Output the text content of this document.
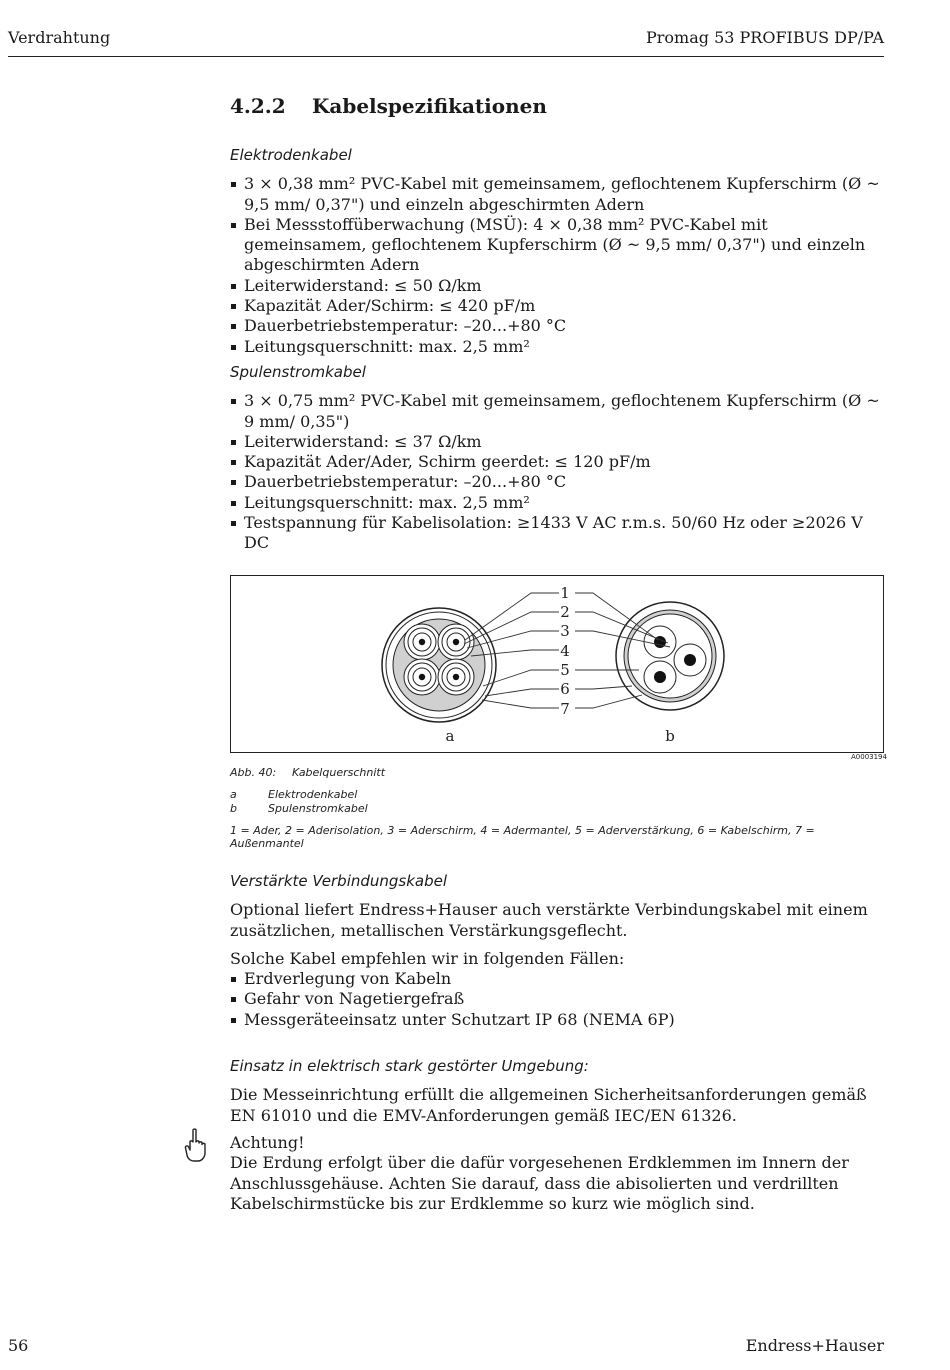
Verdrahtung	Promag 53 PROFIBUS DP/PA
4.2.2 Kabelspezifikationen
Elektrodenkabel
3 × 0,38 mm² PVC-Kabel mit gemeinsamem, geflochtenem Kupferschirm (Ø ~ 9,5 mm/ 0,37") und einzeln abgeschirmten Adern
Bei Messstoffüberwachung (MSÜ): 4 × 0,38 mm² PVC-Kabel mit gemeinsamem, geflochtenem Kupferschirm (Ø ~ 9,5 mm/ 0,37") und einzeln abgeschirmten Adern
Leiterwiderstand: ≤ 50 Ω/km
Kapazität Ader/Schirm: ≤ 420 pF/m
Dauerbetriebstemperatur: –20...+80 °C
Leitungsquerschnitt: max. 2,5 mm²
Spulenstromkabel
3 × 0,75 mm² PVC-Kabel mit gemeinsamem, geflochtenem Kupferschirm (Ø ~ 9 mm/ 0,35")
Leiterwiderstand: ≤ 37 Ω/km
Kapazität Ader/Ader, Schirm geerdet: ≤ 120 pF/m
Dauerbetriebstemperatur: –20...+80 °C
Leitungsquerschnitt: max. 2,5 mm²
Testspannung für Kabelisolation: ≥1433 V AC r.m.s. 50/60 Hz oder ≥2026 V DC
1
2
3
4
5
6
7
a	b
A0003194
Abb. 40: Kabelquerschnitt
a	Elektrodenkabel
b	Spulenstromkabel
1 = Ader, 2 = Aderisolation, 3 = Aderschirm, 4 = Adermantel, 5 = Aderverstärkung, 6 = Kabelschirm, 7 = Außenmantel
Verstärkte Verbindungskabel

Optional liefert Endress+Hauser auch verstärkte Verbindungskabel mit einem zusätzlichen, metallischen Verstärkungsgeflecht.

Solche Kabel empfehlen wir in folgenden Fällen:

Erdverlegung von Kabeln
Gefahr von Nagetiergefraß
Messgeräteeinsatz unter Schutzart IP 68 (NEMA 6P)
Einsatz in elektrisch stark gestörter Umgebung:

Die Messeinrichtung erfüllt die allgemeinen Sicherheitsanforderungen gemäß EN 61010 und die EMV-Anforderungen gemäß IEC/EN 61326.

Achtung!

Die Erdung erfolgt über die dafür vorgesehenen Erdklemmen im Innern der Anschlussgehäuse. Achten Sie darauf, dass die abisolierten und verdrillten Kabelschirmstücke bis zur Erdklemme so kurz wie möglich sind.

56	Endress+Hauser
